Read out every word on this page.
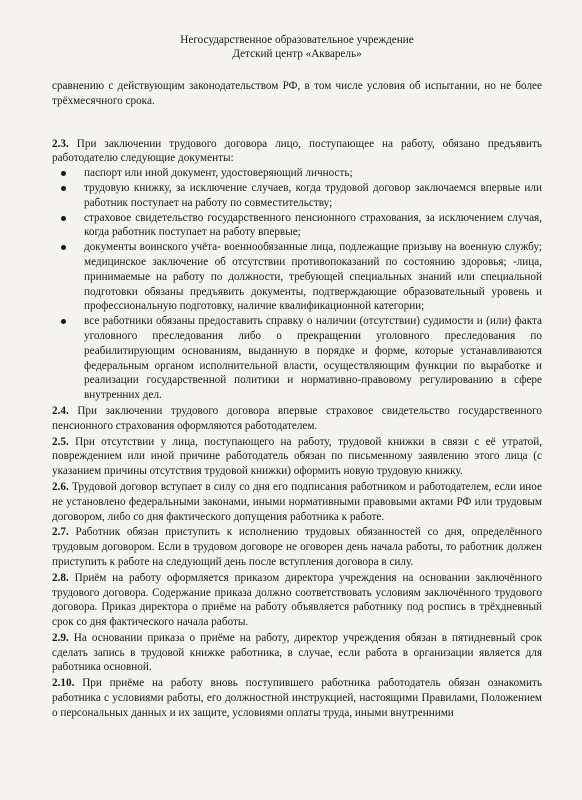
Негосударственное образовательное учреждение
Детский центр «Акварель»

сравнению с действующим законодательством РФ, в том числе условия об испытании, но не более трёхмесячного срока.

2.3. При заключении трудового договора лицо, поступающее на работу, обязано предъявить работодателю следующие документы:

паспорт или иной документ, удостоверяющий личность;
трудовую книжку, за исключение случаев, когда трудовой договор заключаемся впервые или работник поступает на работу по совместительству;
страховое свидетельство государственного пенсионного страхования, за исключением случая, когда работник поступает на работу впервые;
документы воинского учёта- военнообязанные лица, подлежащие призыву на военную службу; медицинское заключение об отсутствии противопоказаний по состоянию здоровья; -лица, принимаемые на работу по должности, требующей специальных знаний или специальной подготовки обязаны предъявить документы, подтверждающие образовательный уровень и профессиональную подготовку, наличие квалификационной категории;
все работники обязаны предоставить справку о наличии (отсутствии) судимости и (или) факта уголовного преследования либо о прекращении уголовного преследования по реабилитирующим основаниям, выданную в порядке и форме, которые устанавливаются федеральным органом исполнительной власти, осуществляющим функции по выработке и реализации государственной политики и нормативно-правовому регулированию в сфере внутренних дел.

2.4. При заключении трудового договора впервые страховое свидетельство государственного пенсионного страхования оформляются работодателем.

2.5. При отсутствии у лица, поступающего на работу, трудовой книжки в связи с её утратой, повреждением или иной причине работодатель обязан по письменному заявлению этого лица (с указанием причины отсутствия трудовой книжки) оформить новую трудовую книжку.

2.6. Трудовой договор вступает в силу со дня его подписания работником и работодателем, если иное не установлено федеральными законами, иными нормативными правовыми актами РФ или трудовым договором, либо со дня фактического допущения работника к работе.

2.7. Работник обязан приступить к исполнению трудовых обязанностей со дня, определённого трудовым договором. Если в трудовом договоре не оговорен день начала работы, то работник должен приступить к работе на следующий день после вступления договора в силу.

2.8. Приём на работу оформляется приказом директора учреждения на основании заключённого трудового договора. Содержание приказа должно соответствовать условиям заключённого трудового договора. Приказ директора о приёме на работу объявляется работнику под роспись в трёхдневный срок со дня фактического начала работы.

2.9. На основании приказа о приёме на работу, директор учреждения обязан в пятидневный срок сделать запись в трудовой книжке работника, в случае, если работа в организации является для работника основной.

2.10. При приёме на работу вновь поступившего работника работодатель обязан ознакомить работника с условиями работы, его должностной инструкцией, настоящими Правилами, Положением о персональных данных и их защите, условиями оплаты труда, иными внутренними
